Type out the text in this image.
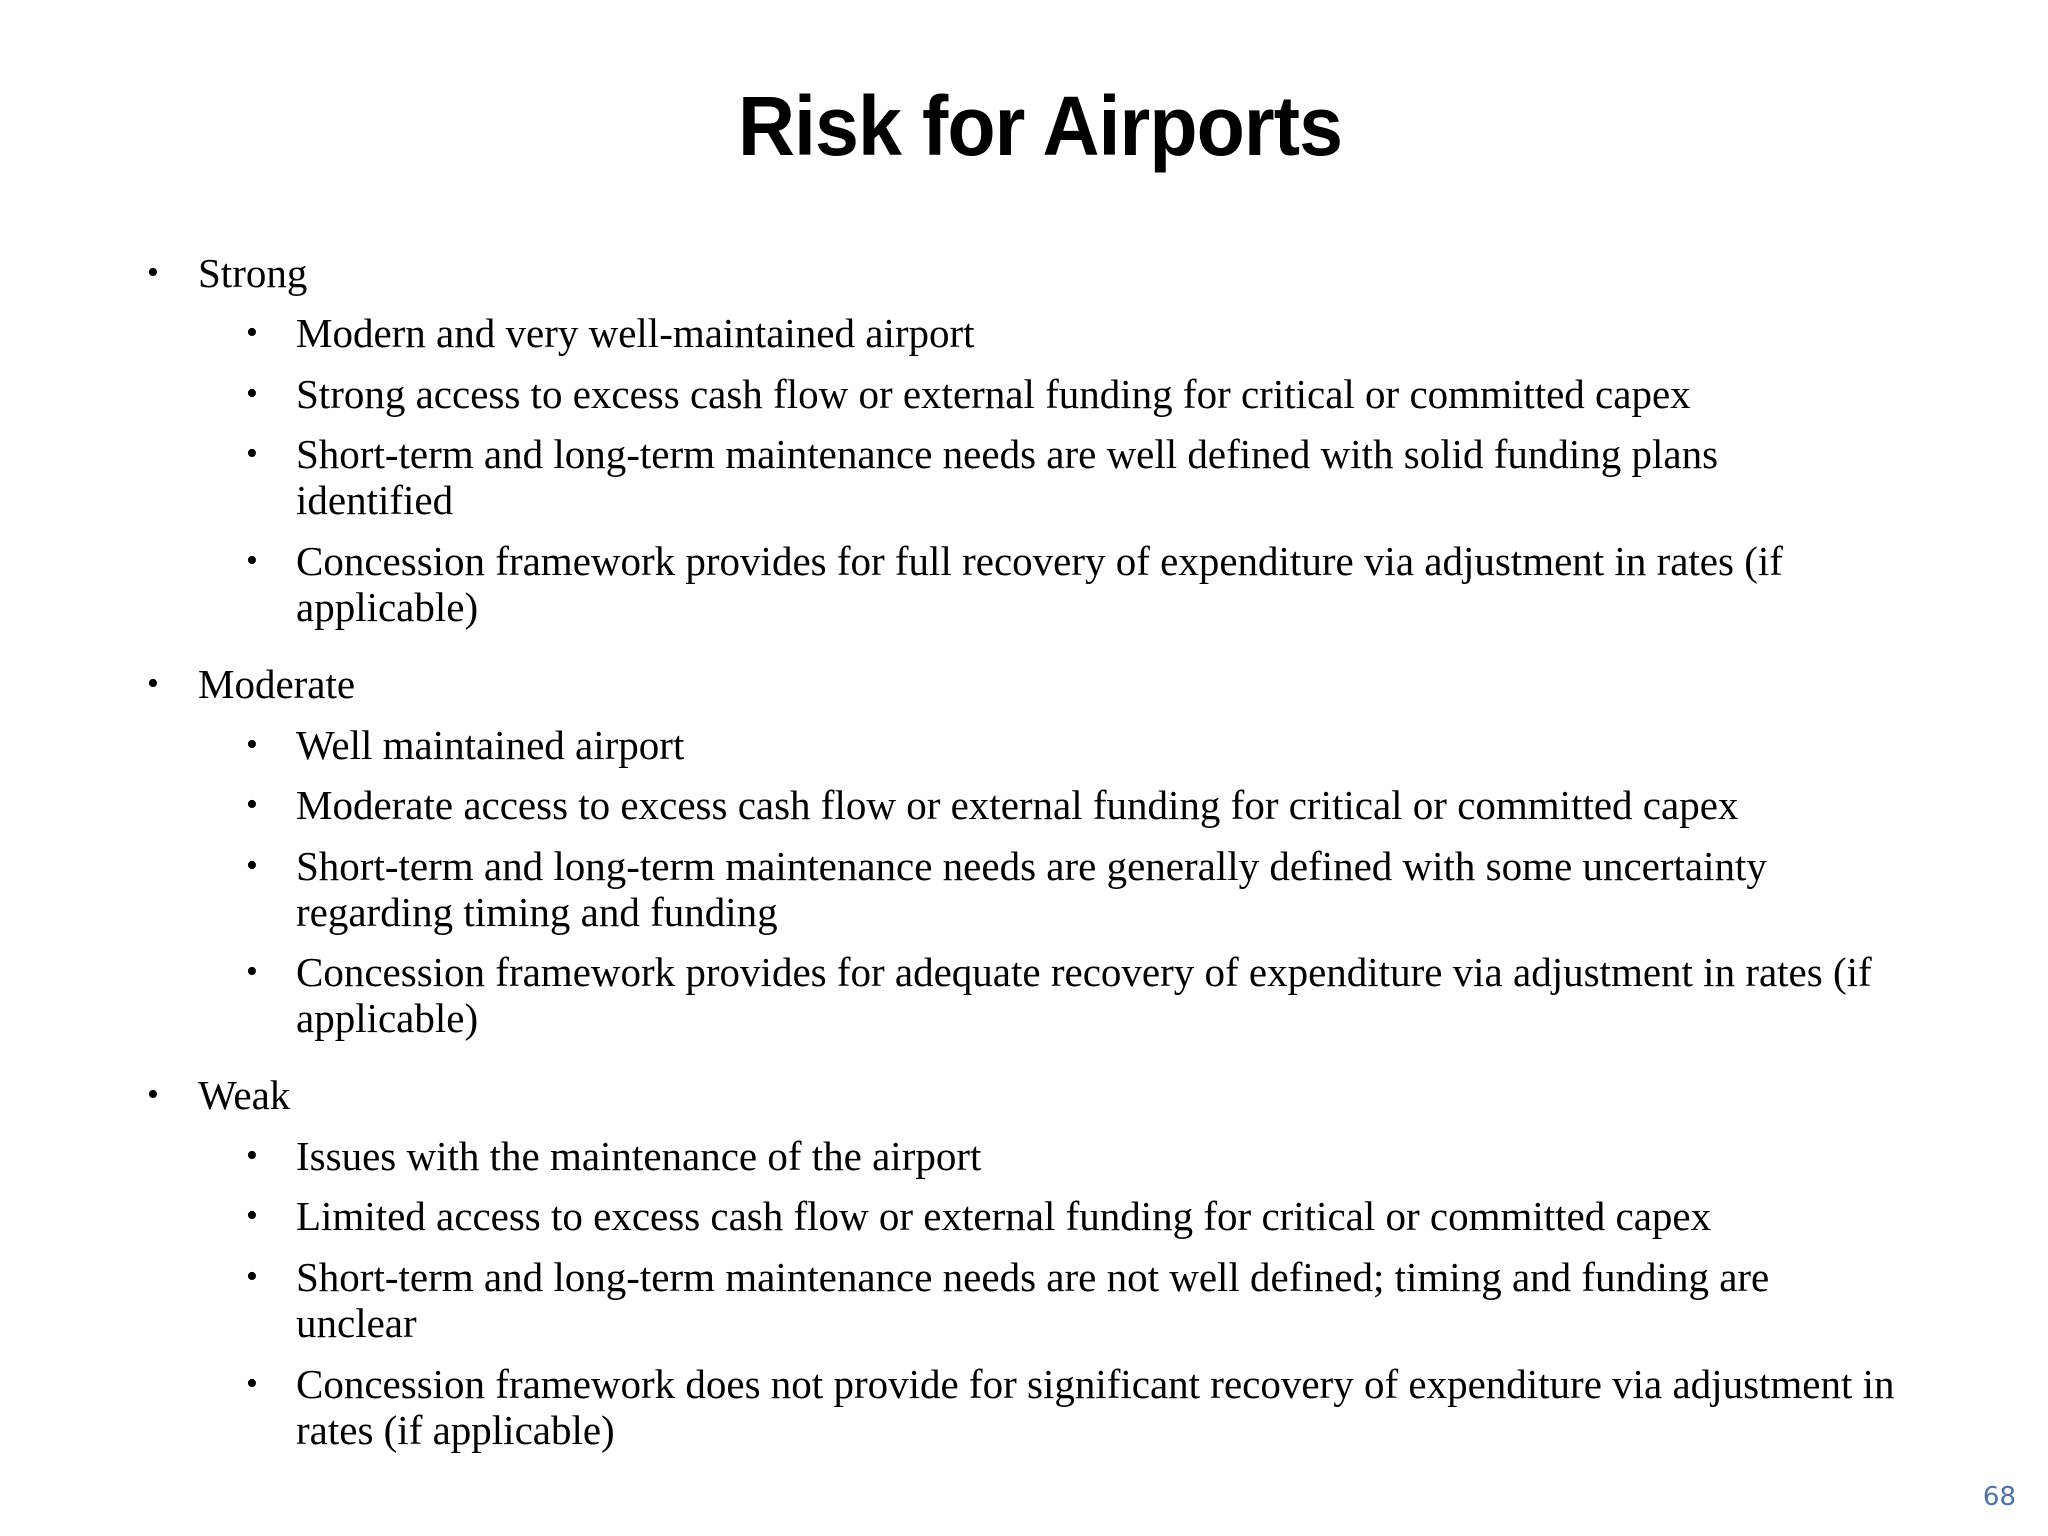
Risk for Airports
• Strong

• Modern and very well-maintained airport

• Strong access to excess cash flow or external funding for critical or committed capex

• Short-term and long-term maintenance needs are well defined with solid funding plans identified

• Concession framework provides for full recovery of expenditure via adjustment in rates (if applicable)

• Moderate

• Well maintained airport

• Moderate access to excess cash flow or external funding for critical or committed capex

• Short-term and long-term maintenance needs are generally defined with some uncertainty regarding timing and funding

• Concession framework provides for adequate recovery of expenditure via adjustment in rates (if applicable)

• Weak

• Issues with the maintenance of the airport

• Limited access to excess cash flow or external funding for critical or committed capex

• Short-term and long-term maintenance needs are not well defined; timing and funding are unclear

• Concession framework does not provide for significant recovery of expenditure via adjustment in rates (if applicable)

68
